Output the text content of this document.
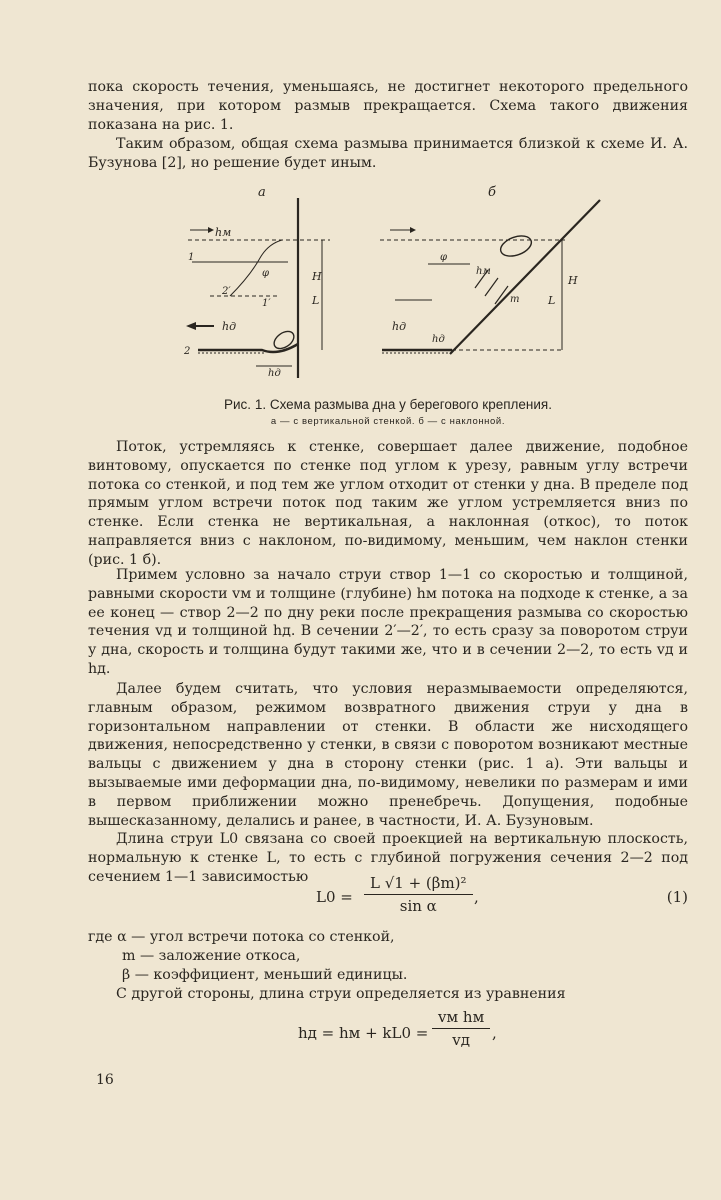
пока скорость течения, уменьшаясь, не достигнет некоторого предельного значения, при котором размыв прекращается. Схема такого движения показана на рис. 1.

Таким образом, общая схема размыва принимается близкой к схеме И. А. Бузунова [2], но решение будет иным.

а
1
hм
2′
φ
1′
hд
2
hд
H
L
б
φ
hм
m
hд
hд
H
L
Рис. 1. Схема размыва дна у берегового крепления.
а — с вертикальной стенкой. б — с наклонной.

Поток, устремляясь к стенке, совершает далее движение, подобное винтовому, опускается по стенке под углом к урезу, равным углу встречи потока со стенкой, и под тем же углом отходит от стенки у дна. В пределе под прямым углом встречи поток под таким же углом устремляется вниз по стенке. Если стенка не вертикальная, а наклонная (откос), то поток направляется вниз с наклоном, по-видимому, меньшим, чем наклон стенки (рис. 1 б).

Примем условно за начало струи створ 1—1 со скоростью и толщиной, равными скорости vм и толщине (глубине) hм потока на подходе к стенке, а за ее конец — створ 2—2 по дну реки после прекращения размыва со скоростью течения vд и толщиной hд. В сечении 2′—2′, то есть сразу за поворотом струи у дна, скорость и толщина будут такими же, что и в сечении 2—2, то есть vд и hд.

Далее будем считать, что условия неразмываемости определяются, главным образом, режимом возвратного движения струи у дна в горизонтальном направлении от стенки. В области же нисходящего движения, непосредственно у стенки, в связи с поворотом возникают местные вальцы с движением у дна в сторону стенки (рис. 1 а). Эти вальцы и вызываемые ими деформации дна, по-видимому, невелики по размерам и ими в первом приближении можно пренебречь. Допущения, подобные вышесказанному, делались и ранее, в частности, И. А. Бузуновым.

Длина струи L0 связана со своей проекцией на вертикальную плоскость, нормальную к стенке L, то есть с глубиной погружения сечения 2—2 под сечением 1—1 зависимостью

$L0 = \frac{\text{L √1 + (βm)²}}{\text{sin α}}$ ,	(1)

где α — угол встречи потока со стенкой,

m — заложение откоса,

β — коэффициент, меньший единицы.

С другой стороны, длина струи определяется из уравнения

hд = hм + kL0 =
vм hм
vд	,
16
